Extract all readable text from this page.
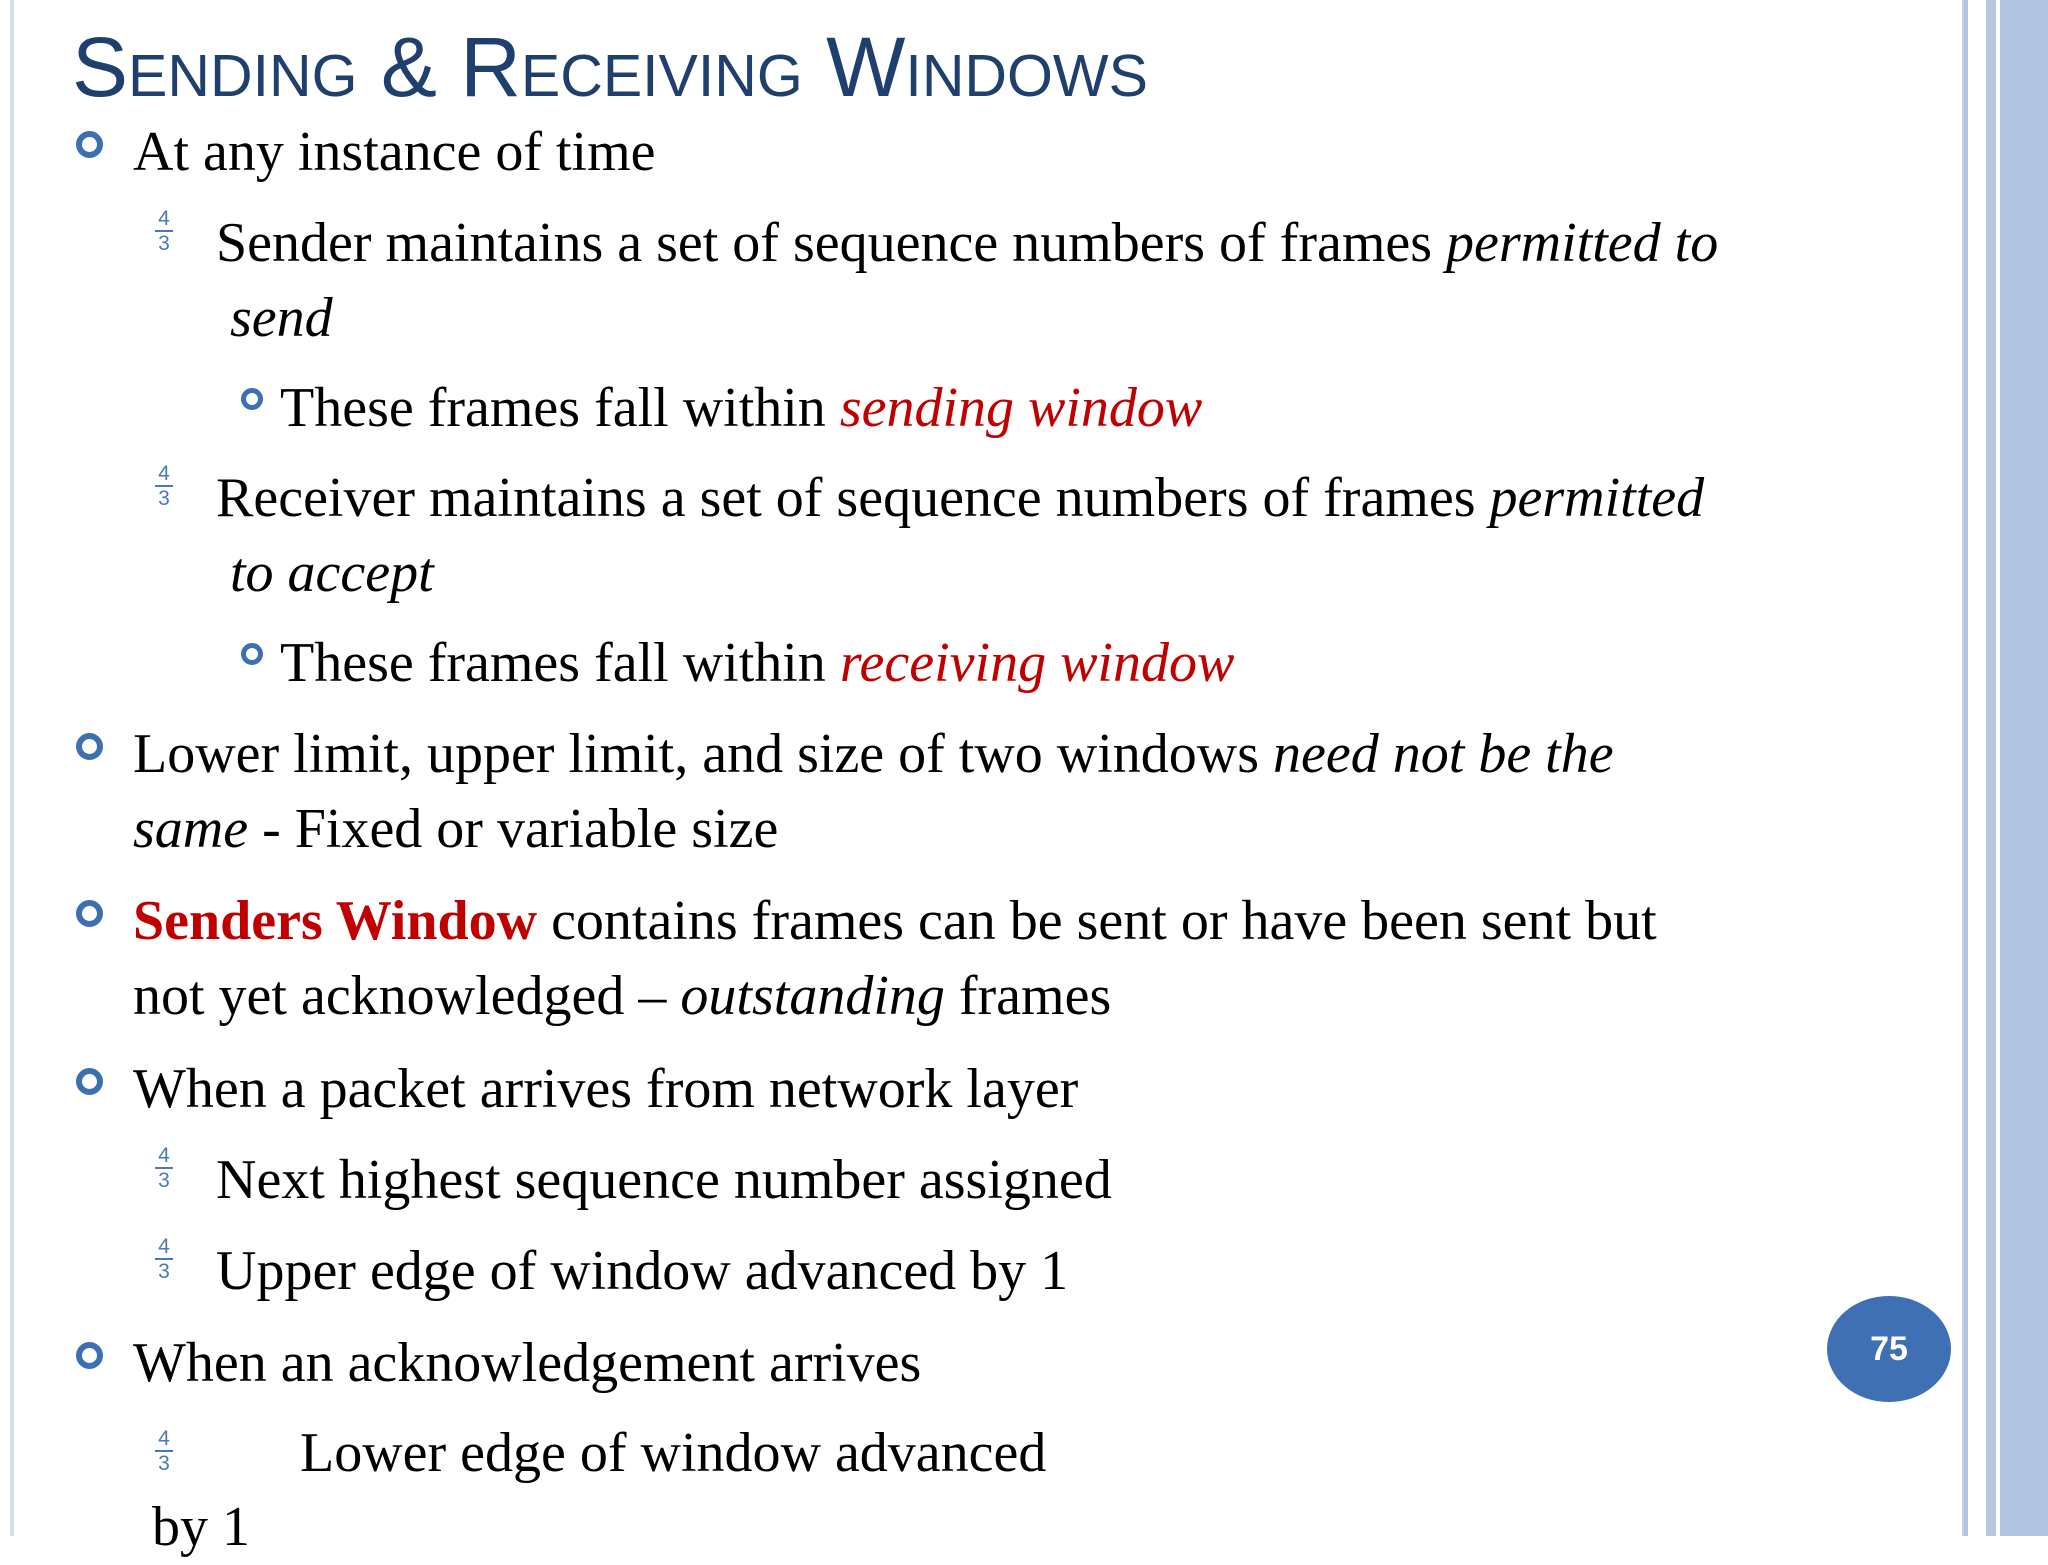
Sending & Receiving Windows

At any instance of time

4
3 Sender maintains a set of sequence numbers of frames permitted to

send

These frames fall within sending window

4
3 Receiver maintains a set of sequence numbers of frames permitted

to accept

These frames fall within receiving window

Lower limit, upper limit, and size of two windows need not be the

same - Fixed or variable size

Senders Window contains frames can be sent or have been sent but

not yet acknowledged – outstanding frames

When a packet arrives from network layer

4
3 Next highest sequence number assigned

4
3 Upper edge of window advanced by 1

When an acknowledgement arrives

4
3 Lower edge of window advanced

by 1

75
